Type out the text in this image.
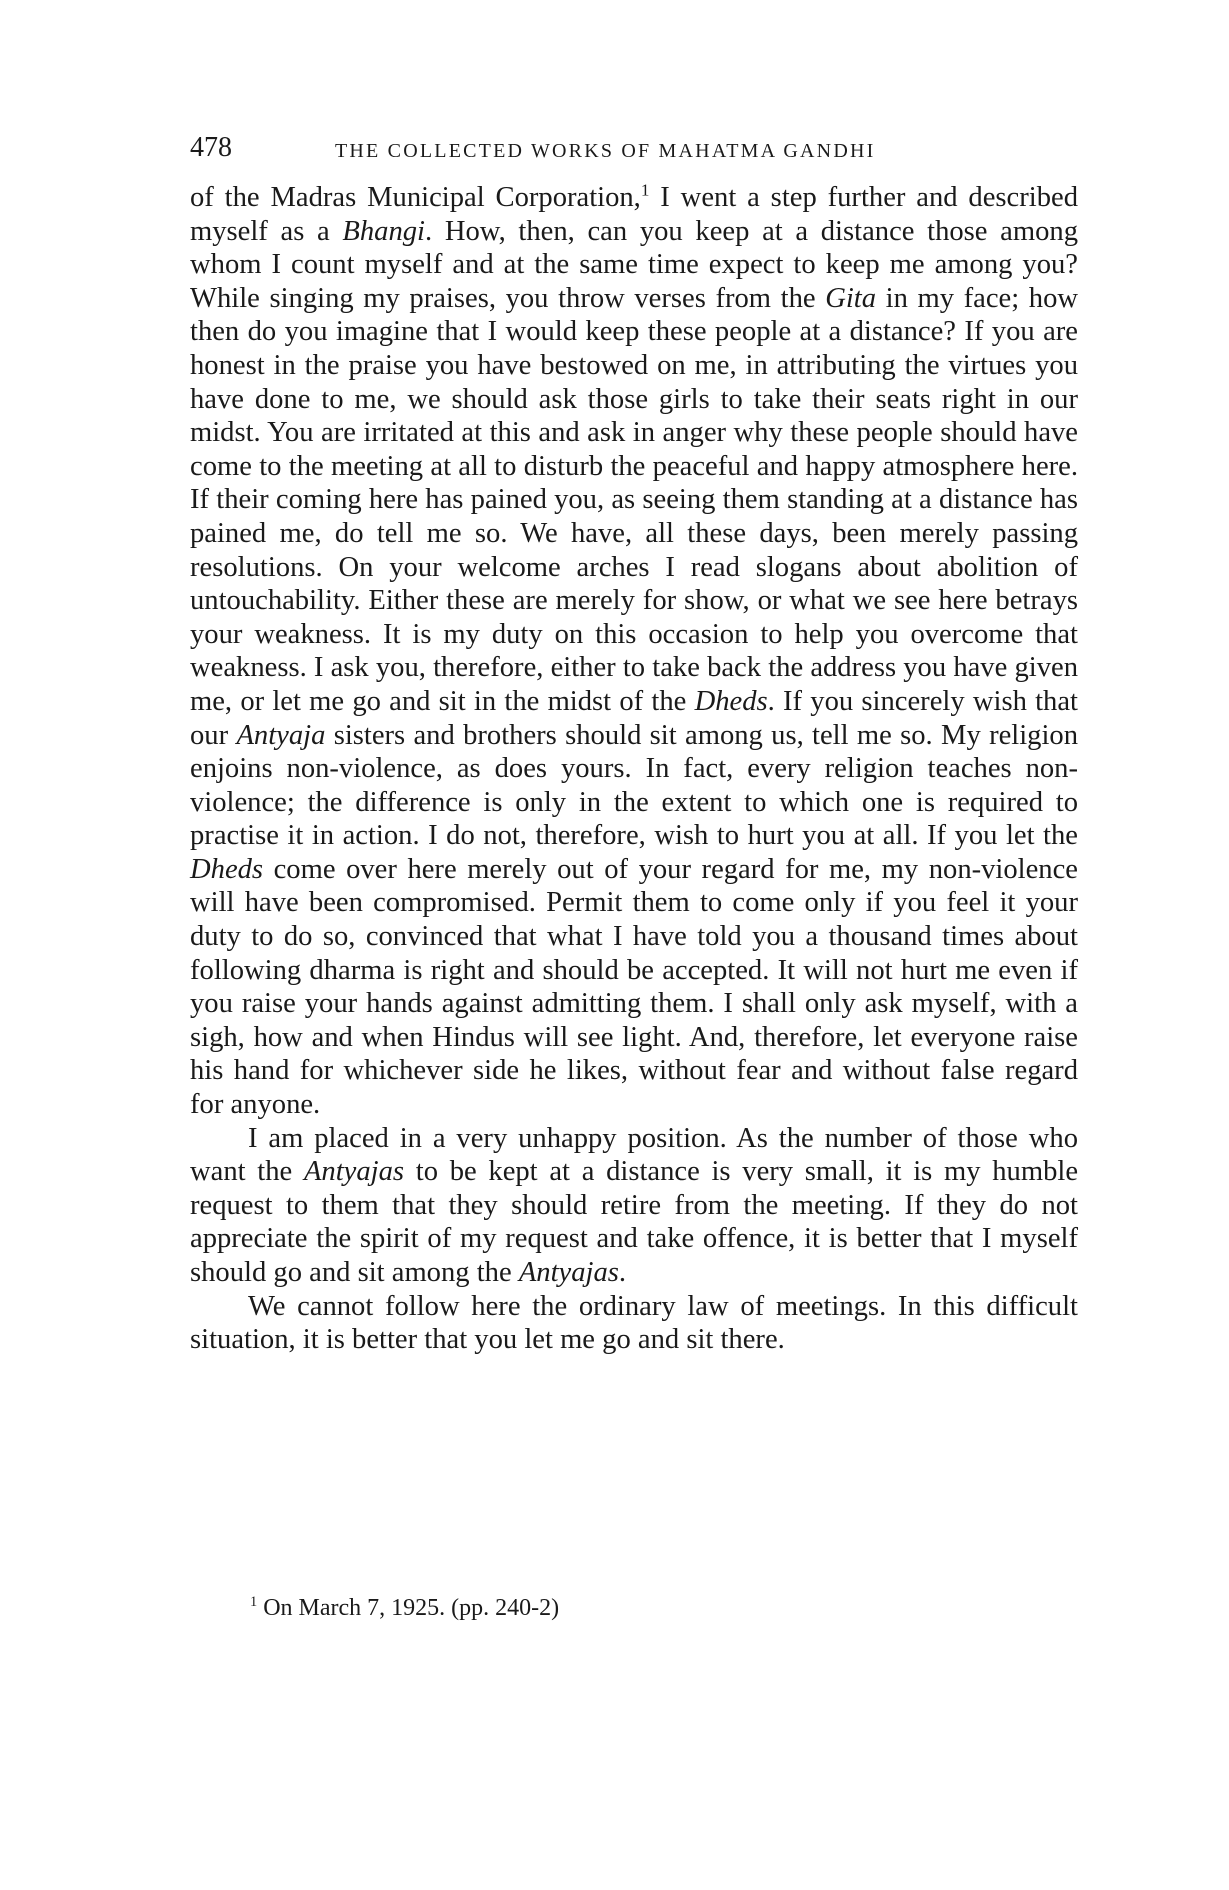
478	THE COLLECTED WORKS OF MAHATMA GANDHI

of the Madras Municipal Corporation,$^1$ I went a step further and described myself as a Bhangi. How, then, can you keep at a distance those among whom I count myself and at the same time expect to keep me among you? While singing my praises, you throw verses from the Gita in my face; how then do you imagine that I would keep these people at a distance? If you are honest in the praise you have bestowed on me, in attributing the virtues you have done to me, we should ask those girls to take their seats right in our midst. You are irritated at this and ask in anger why these people should have come to the meeting at all to disturb the peaceful and happy atmosphere here. If their coming here has pained you, as seeing them standing at a distance has pained me, do tell me so. We have, all these days, been merely passing resolutions. On your welcome arches I read slogans about abolition of untouchability. Either these are merely for show, or what we see here betrays your weakness. It is my duty on this occasion to help you overcome that weakness. I ask you, therefore, either to take back the address you have given me, or let me go and sit in the midst of the Dheds. If you sincerely wish that our Antyaja sisters and brothers should sit among us, tell me so. My religion enjoins non-violence, as does yours. In fact, every religion teaches non-violence; the difference is only in the extent to which one is required to practise it in action. I do not, therefore, wish to hurt you at all. If you let the Dheds come over here merely out of your regard for me, my non-violence will have been compromised. Permit them to come only if you feel it your duty to do so, convinced that what I have told you a thousand times about following dharma is right and should be accepted. It will not hurt me even if you raise your hands against admitting them. I shall only ask myself, with a sigh, how and when Hindus will see light. And, therefore, let everyone raise his hand for whichever side he likes, without fear and without false regard for anyone.

I am placed in a very unhappy position. As the number of those who want the Antyajas to be kept at a distance is very small, it is my humble request to them that they should retire from the meeting. If they do not appreciate the spirit of my request and take offence, it is better that I myself should go and sit among the Antyajas.

We cannot follow here the ordinary law of meetings. In this difficult situation, it is better that you let me go and sit there.

$^1$ On March 7, 1925. (pp. 240-2)
